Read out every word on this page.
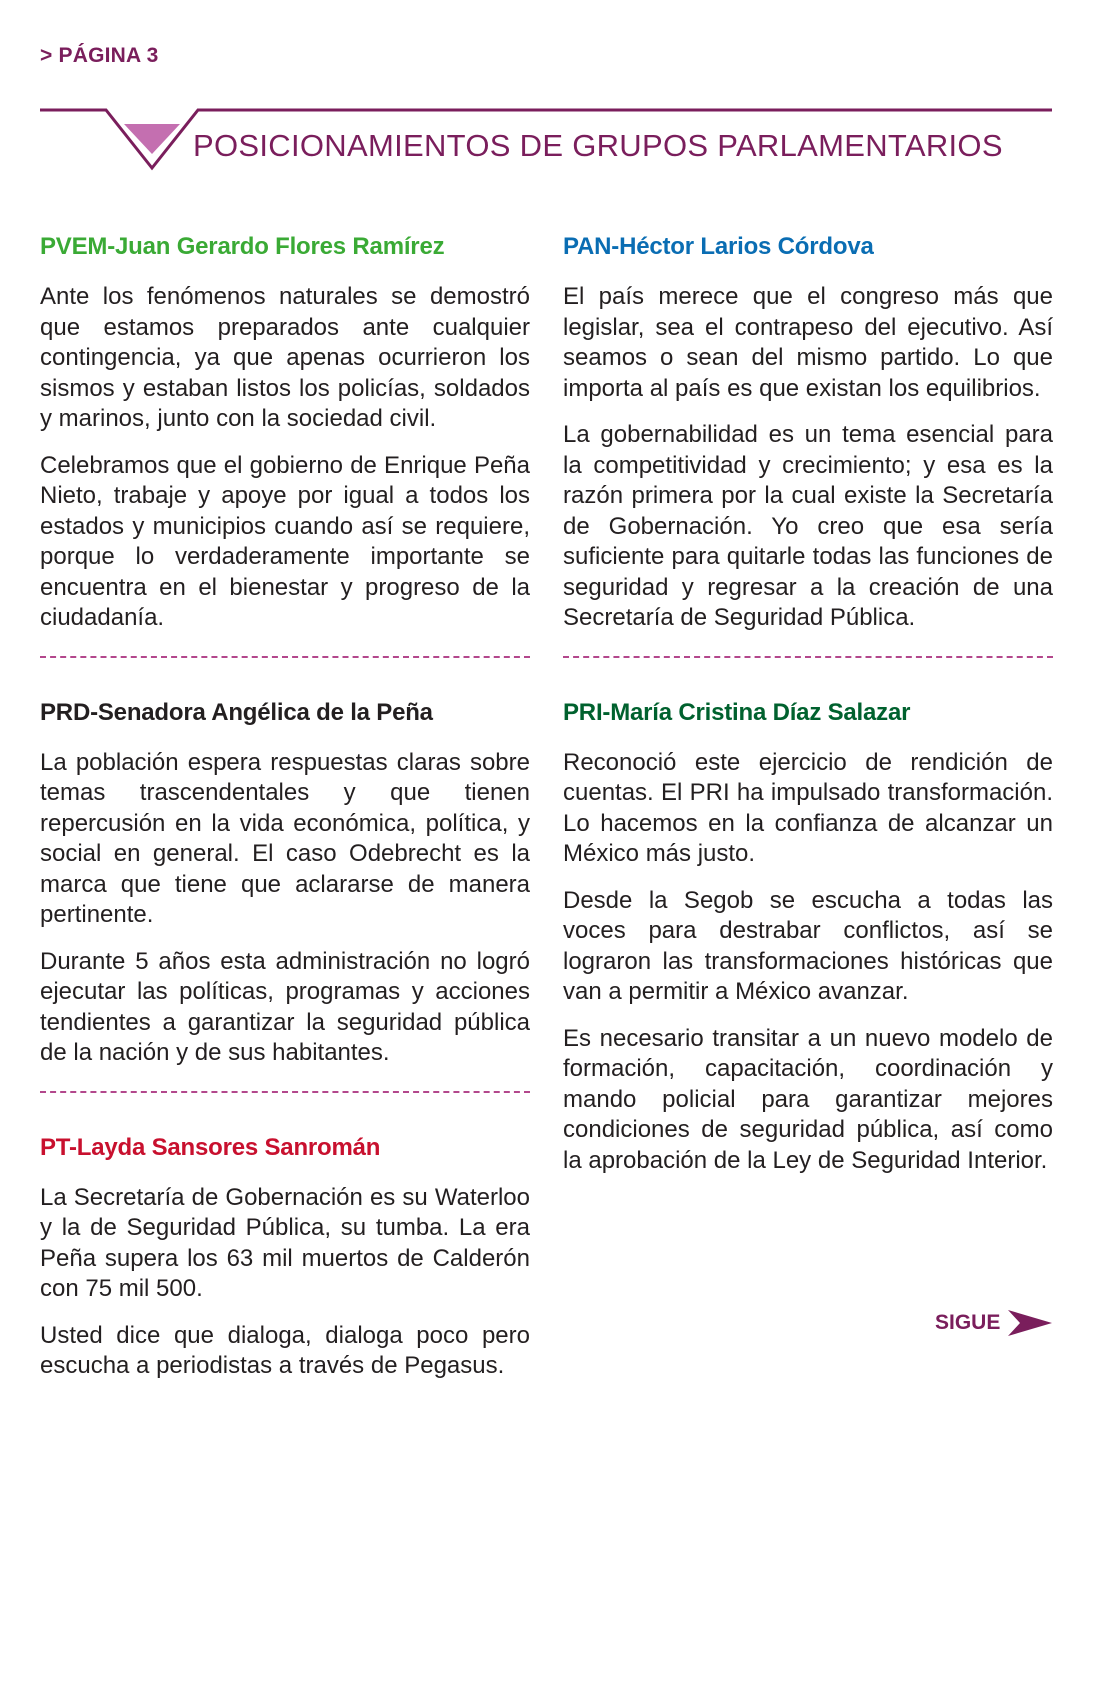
> PÁGINA 3
POSICIONAMIENTOS DE GRUPOS PARLAMENTARIOS
PVEM-Juan Gerardo Flores Ramírez

Ante los fenómenos naturales se demostró que estamos preparados ante cualquier contingencia, ya que apenas ocurrieron los sismos y estaban listos los policías, soldados y marinos, junto con la sociedad civil.

Celebramos que el gobierno de Enrique Peña Nieto, trabaje y apoye por igual a todos los estados y municipios cuando así se requiere, porque lo verdaderamente importante se encuentra en el bienestar y progreso de la ciudadanía.

PRD-Senadora Angélica de la Peña

La población espera respuestas claras sobre temas trascendentales y que tienen repercusión en la vida económica, política, y social en general. El caso Odebrecht es la marca que tiene que aclararse de manera pertinente.

Durante 5 años esta administración no logró ejecutar las políticas, programas y acciones tendientes a garantizar la seguridad pública de la nación y de sus habitantes.

PT-Layda Sansores Sanromán

La Secretaría de Gobernación es su Waterloo y la de Seguridad Pública, su tumba. La era Peña supera los 63 mil muertos de Calderón con 75 mil 500.

Usted dice que dialoga, dialoga poco pero escucha a periodistas a través de Pegasus.

PAN-Héctor Larios Córdova

El país merece que el congreso más que legislar, sea el contrapeso del ejecutivo. Así seamos o sean del mismo partido. Lo que importa al país es que existan los equilibrios.

La gobernabilidad es un tema esencial para la competitividad y crecimiento; y esa es la razón primera por la cual existe la Secretaría de Gobernación. Yo creo que esa sería suficiente para quitarle todas las funciones de seguridad y regresar a la creación de una Secretaría de Seguridad Pública.

PRI-María Cristina Díaz Salazar

Reconoció este ejercicio de rendición de cuentas. El PRI ha impulsado transformación. Lo hacemos en la confianza de alcanzar un México más justo.

Desde la Segob se escucha a todas las voces para destrabar conflictos, así se lograron las transformaciones históricas que van a permitir a México avanzar.

Es necesario transitar a un nuevo modelo de formación, capacitación, coordinación y mando policial para garantizar mejores condiciones de seguridad pública, así como la aprobación de la Ley de Seguridad Interior.

SIGUE
